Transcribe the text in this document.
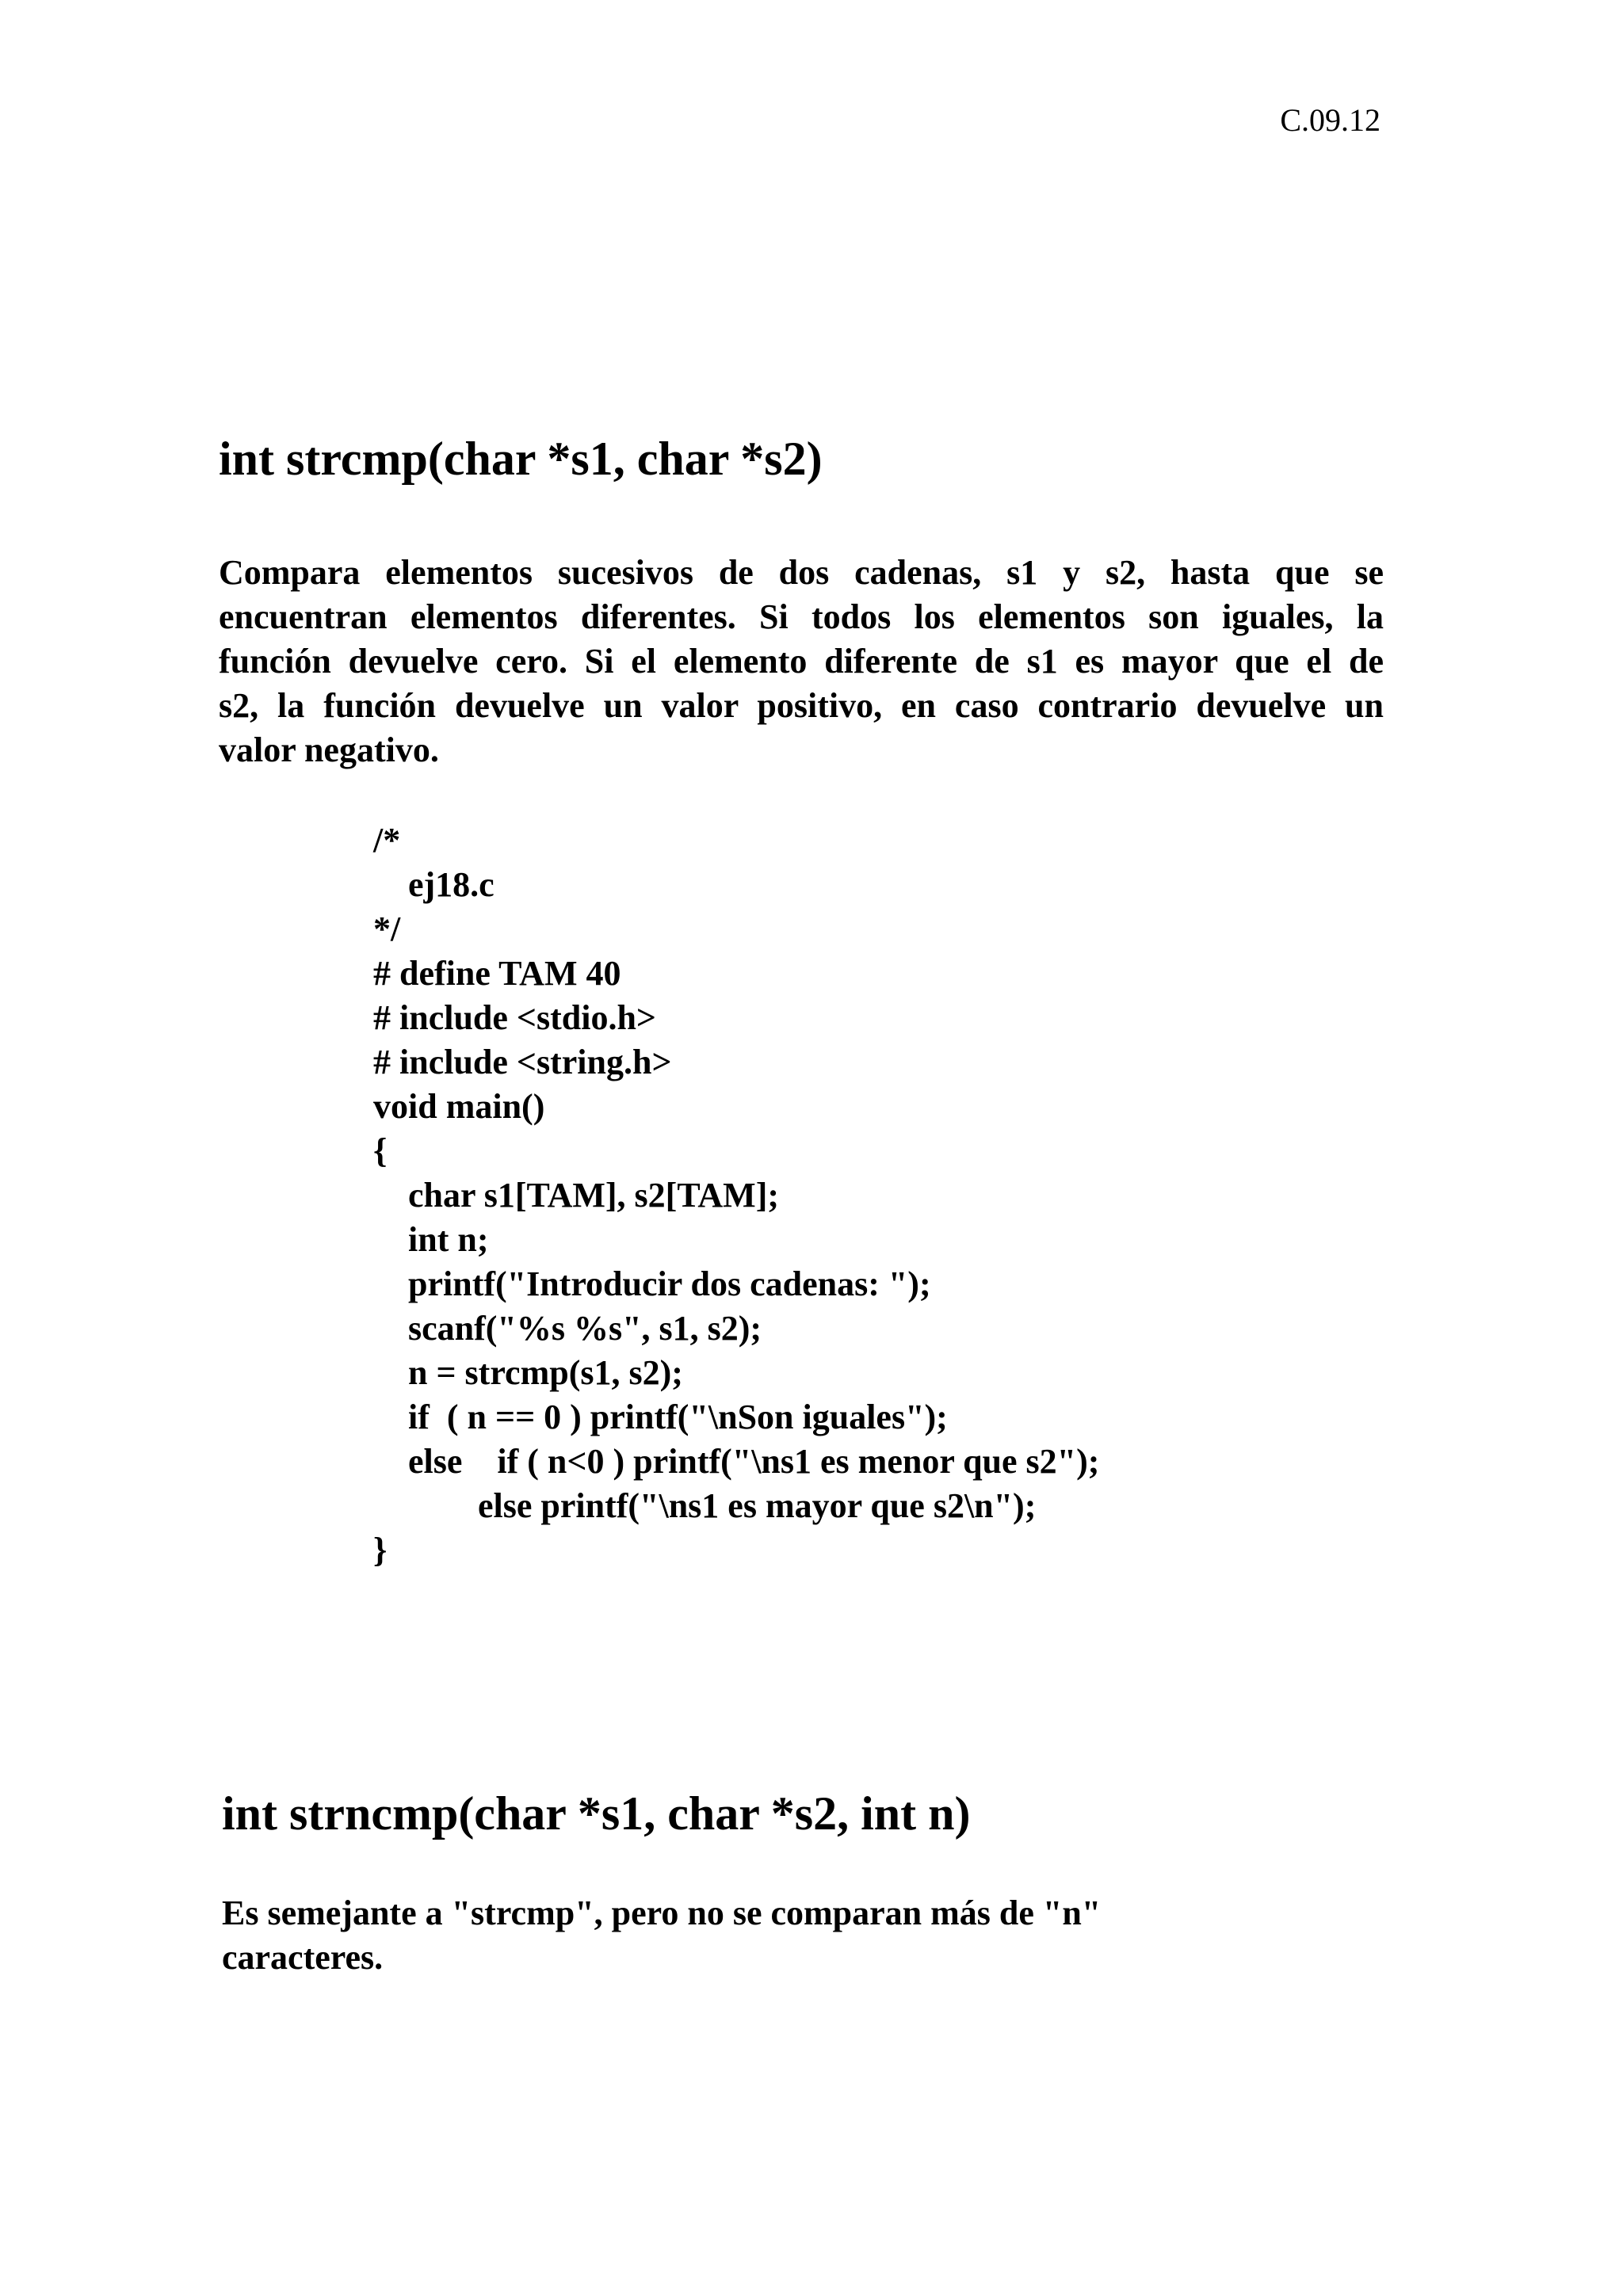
C.09.12
int strcmp(char *s1, char *s2)
Compara elementos sucesivos de dos cadenas, s1 y s2, hasta que se
encuentran elementos diferentes. Si todos los elementos son iguales, la
función devuelve cero. Si el elemento diferente de s1 es mayor que el de
s2, la función devuelve un valor positivo, en caso contrario devuelve un
valor negativo.
/*
ej18.c
*/
# define TAM 40
# include <stdio.h>
# include <string.h>
void main()
{
char s1[TAM], s2[TAM];
int n;
printf("Introducir dos cadenas: ");
scanf("%s %s", s1, s2);
n = strcmp(s1, s2);
if  ( n == 0 ) printf("\nSon iguales");
else    if ( n<0 ) printf("\ns1 es menor que s2");
else printf("\ns1 es mayor que s2\n");
}
int strncmp(char *s1, char *s2, int n)
Es semejante a "strcmp", pero no se comparan más de "n"
caracteres.
